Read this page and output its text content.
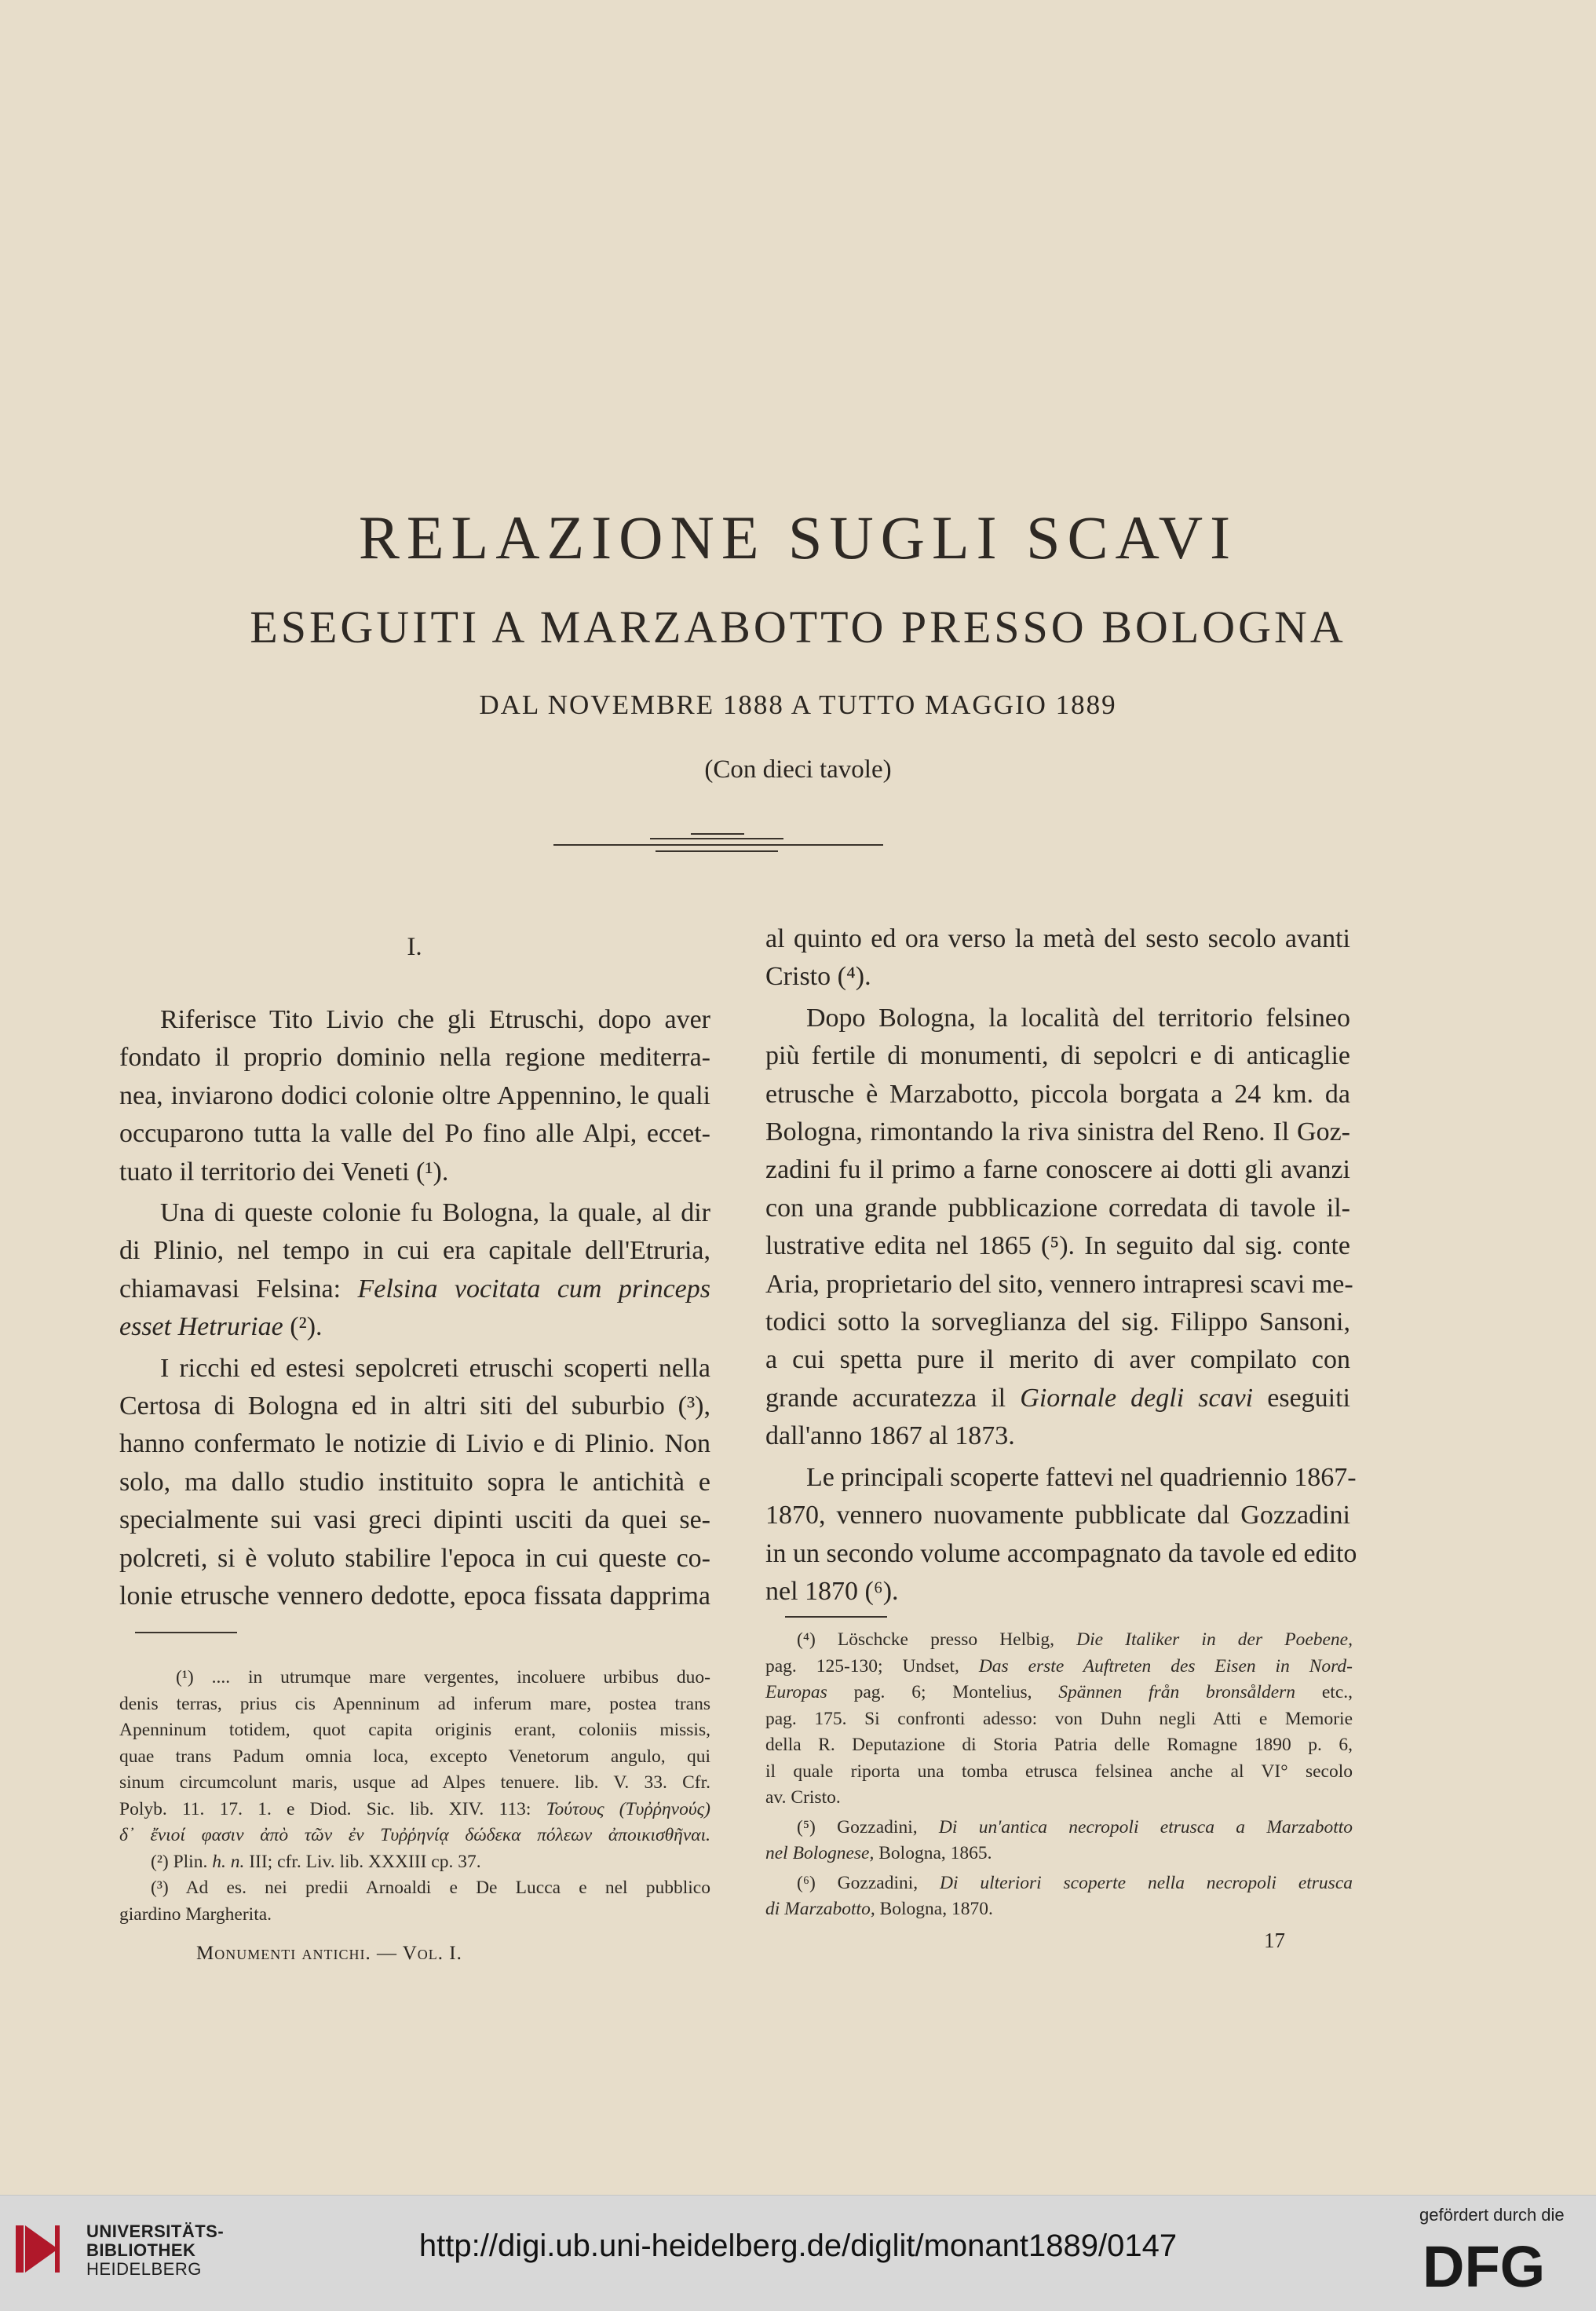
RELAZIONE SUGLI SCAVI
ESEGUITI A MARZABOTTO PRESSO BOLOGNA
DAL NOVEMBRE 1888 A TUTTO MAGGIO 1889
(Con dieci tavole)
I.
Riferisce Tito Livio che gli Etruschi, dopo aver
fondato il proprio dominio nella regione mediterra-
nea, inviarono dodici colonie oltre Appennino, le quali
occuparono tutta la valle del Po fino alle Alpi, eccet-
tuato il territorio dei Veneti (¹).
Una di queste colonie fu Bologna, la quale, al dir
di Plinio, nel tempo in cui era capitale dell'Etruria,
chiamavasi Felsina: Felsina vocitata cum princeps
esset Hetruriae (²).
I ricchi ed estesi sepolcreti etruschi scoperti nella
Certosa di Bologna ed in altri siti del suburbio (³),
hanno confermato le notizie di Livio e di Plinio. Non
solo, ma dallo studio instituito sopra le antichità e
specialmente sui vasi greci dipinti usciti da quei se-
polcreti, si è voluto stabilire l'epoca in cui queste co-
lonie etrusche vennero dedotte, epoca fissata dapprima
al quinto ed ora verso la metà del sesto secolo avanti
Cristo (⁴).
Dopo Bologna, la località del territorio felsineo
più fertile di monumenti, di sepolcri e di anticaglie
etrusche è Marzabotto, piccola borgata a 24 km. da
Bologna, rimontando la riva sinistra del Reno. Il Goz-
zadini fu il primo a farne conoscere ai dotti gli avanzi
con una grande pubblicazione corredata di tavole il-
lustrative edita nel 1865 (⁵). In seguito dal sig. conte
Aria, proprietario del sito, vennero intrapresi scavi me-
todici sotto la sorveglianza del sig. Filippo Sansoni,
a cui spetta pure il merito di aver compilato con
grande accuratezza il Giornale degli scavi eseguiti
dall'anno 1867 al 1873.
Le principali scoperte fattevi nel quadriennio 1867-
1870, vennero nuovamente pubblicate dal Gozzadini
in un secondo volume accompagnato da tavole ed edito
nel 1870 (⁶).
(¹) .... in utrumque mare vergentes, incoluere urbibus duo-
denis terras, prius cis Apenninum ad inferum mare, postea trans
Apenninum totidem, quot capita originis erant, coloniis missis,
quae trans Padum omnia loca, excepto Venetorum angulo, qui
sinum circumcolunt maris, usque ad Alpes tenuere. lib. V. 33. Cfr.
Polyb. 11. 17. 1. e Diod. Sic. lib. XIV. 113: Τούτους (Τυῤῥηνούς)
δ᾽ ἔνιοί φασιν ἀπὸ τῶν ἐν Τυῤῥηνίᾳ δώδεκα πόλεων ἀποικισθῆναι.
(²) Plin. h. n. III; cfr. Liv. lib. XXXIII cp. 37.
(³) Ad es. nei predii Arnoaldi e De Lucca e nel pubblico
giardino Margherita.
(⁴) Löschcke presso Helbig, Die Italiker in der Poebene,
pag. 125-130; Undset, Das erste Auftreten des Eisen in Nord-
Europas pag. 6; Montelius, Spännen från bronsåldern etc.,
pag. 175. Si confronti adesso: von Duhn negli Atti e Memorie
della R. Deputazione di Storia Patria delle Romagne 1890 p. 6,
il quale riporta una tomba etrusca felsinea anche al VI° secolo
av. Cristo.
(⁵) Gozzadini, Di un'antica necropoli etrusca a Marzabotto
nel Bolognese, Bologna, 1865.
(⁶) Gozzadini, Di ulteriori scoperte nella necropoli etrusca
di Marzabotto, Bologna, 1870.
Monumenti antichi. — Vol. I.
17
UNIVERSITÄTS-
BIBLIOTHEK
HEIDELBERG
http://digi.ub.uni-heidelberg.de/diglit/monant1889/0147
gefördert durch die
DFG
